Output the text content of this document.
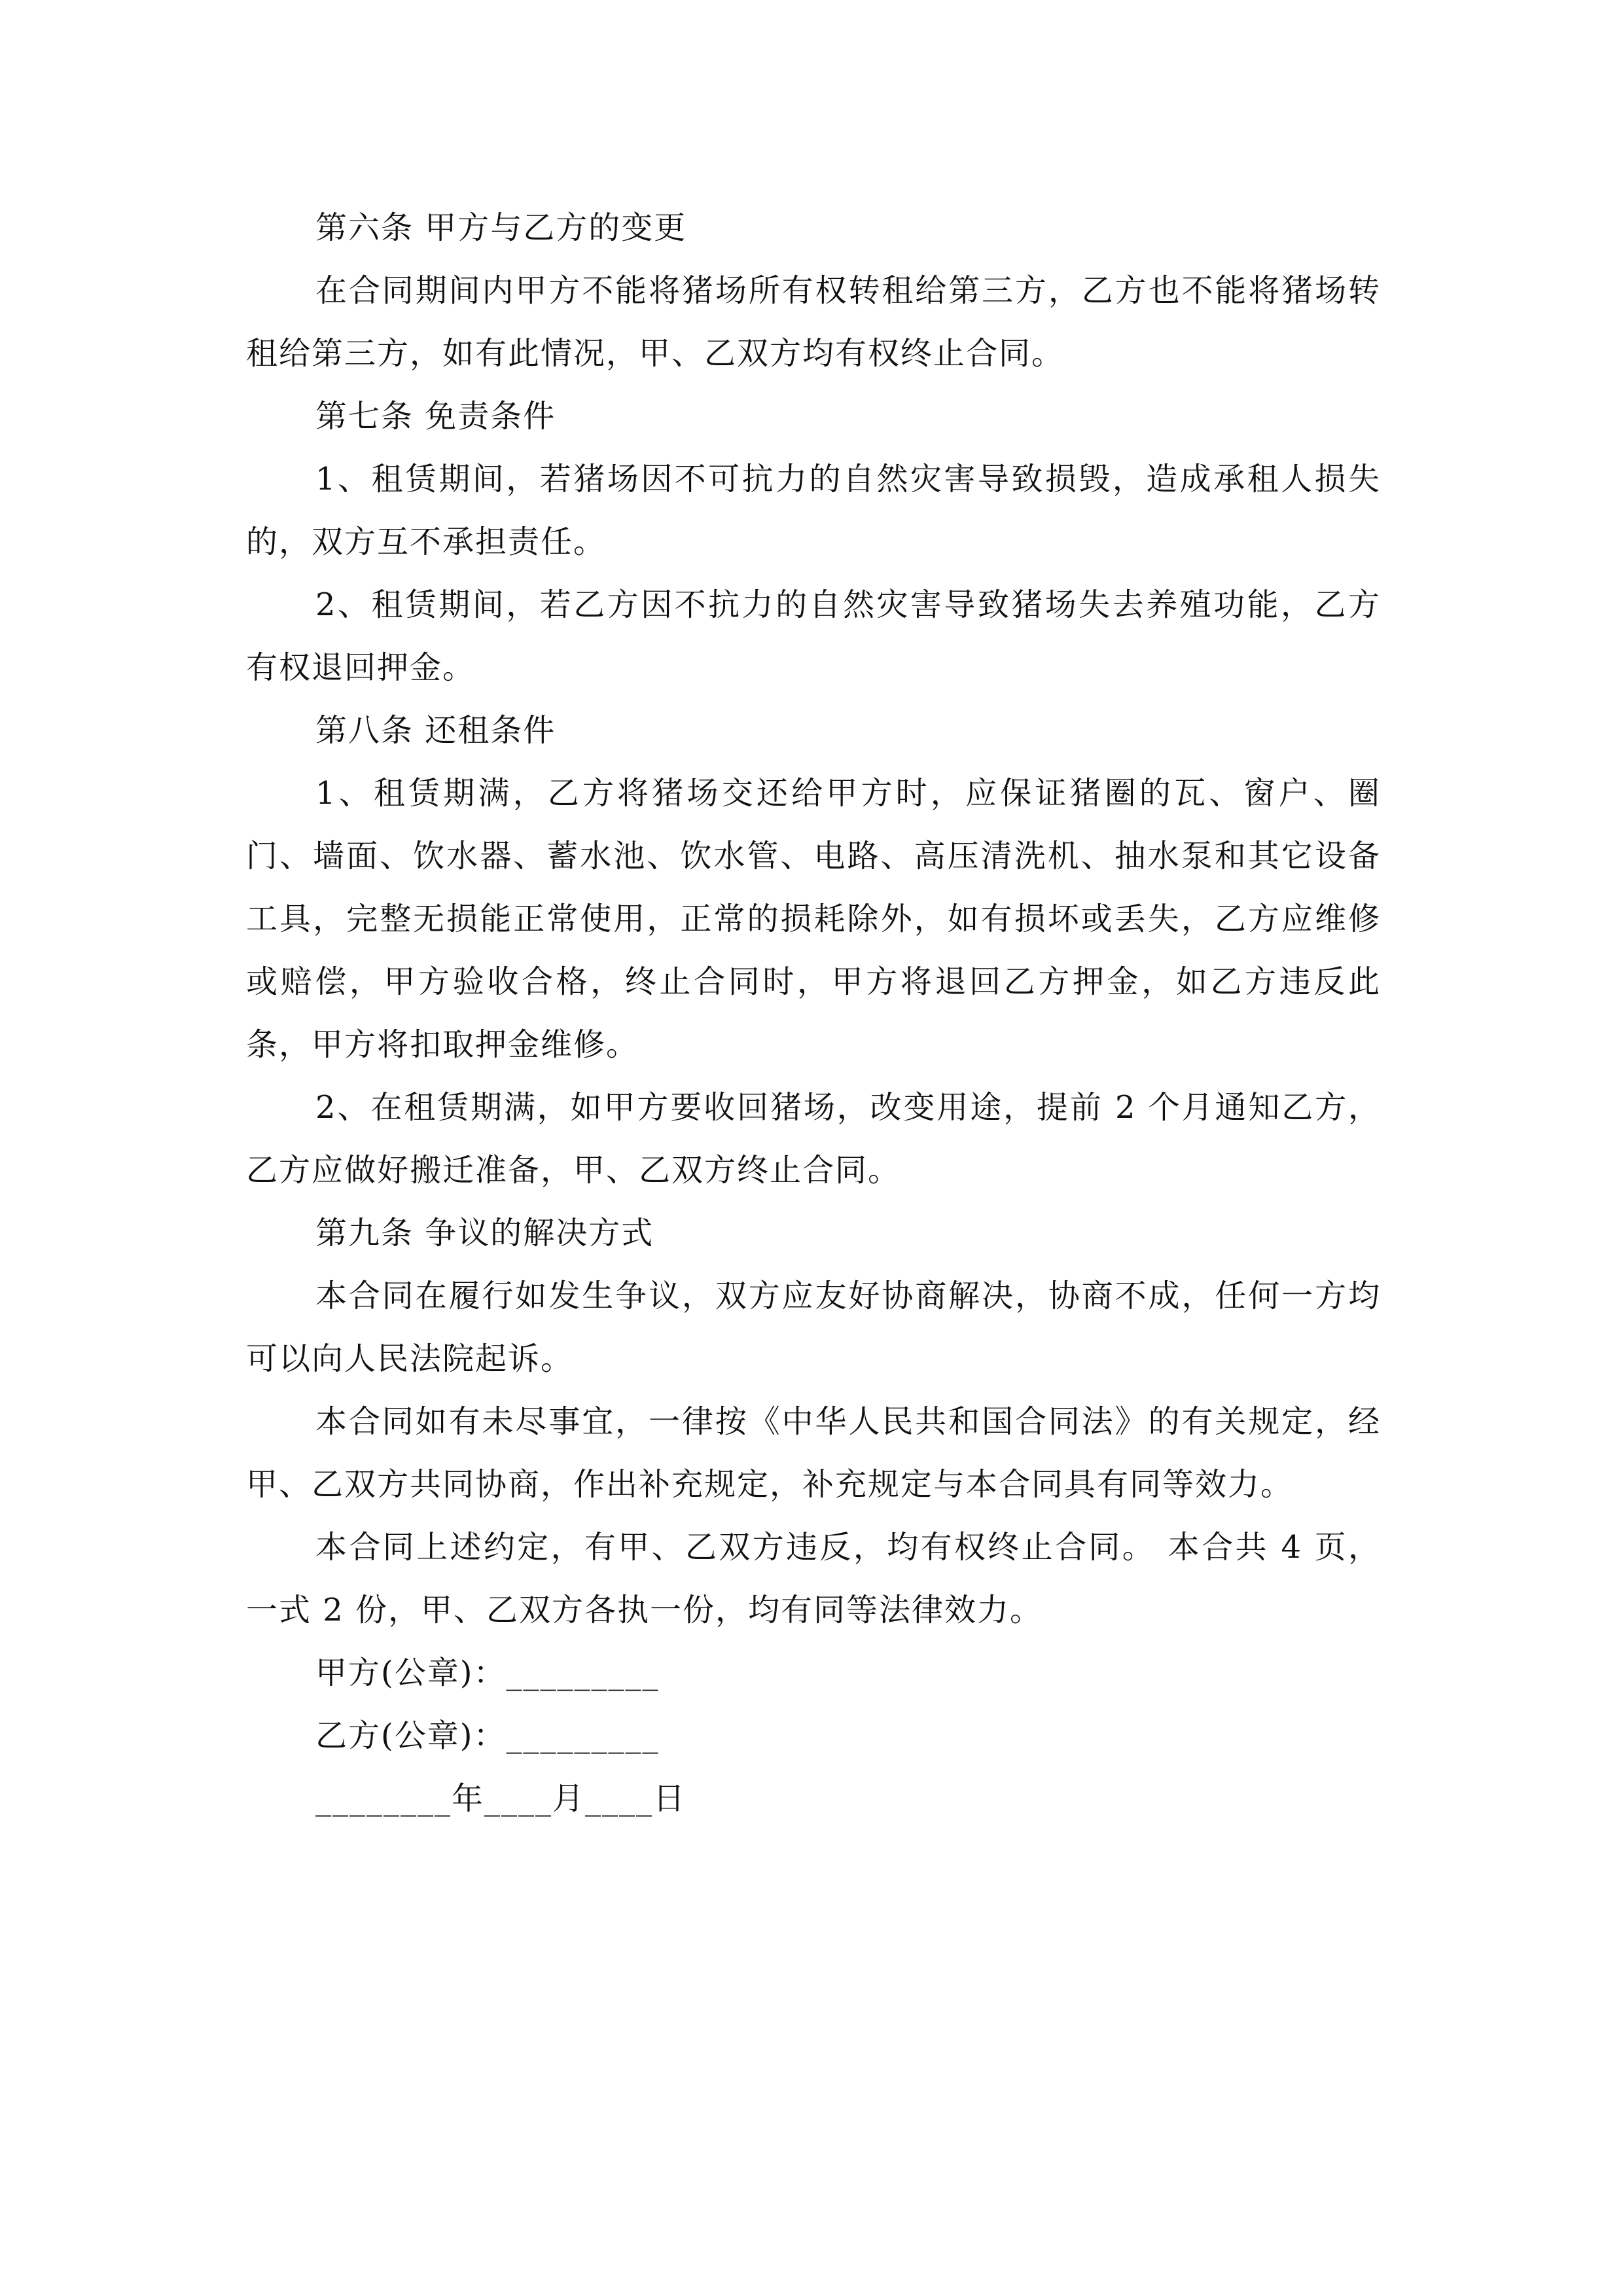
第六条 甲方与乙方的变更

在合同期间内甲方不能将猪场所有权转租给第三方，乙方也不能将猪场转租给第三方，如有此情况，甲、乙双方均有权终止合同。

第七条 免责条件

1、租赁期间，若猪场因不可抗力的自然灾害导致损毁，造成承租人损失的，双方互不承担责任。

2、租赁期间，若乙方因不抗力的自然灾害导致猪场失去养殖功能，乙方有权退回押金。

第八条 还租条件

1、租赁期满，乙方将猪场交还给甲方时，应保证猪圈的瓦、窗户、圈门、墙面、饮水器、蓄水池、饮水管、电路、高压清洗机、抽水泵和其它设备工具，完整无损能正常使用，正常的损耗除外，如有损坏或丢失，乙方应维修或赔偿，甲方验收合格，终止合同时，甲方将退回乙方押金，如乙方违反此条，甲方将扣取押金维修。

2、在租赁期满，如甲方要收回猪场，改变用途，提前 2 个月通知乙方，乙方应做好搬迁准备，甲、乙双方终止合同。

第九条 争议的解决方式

本合同在履行如发生争议，双方应友好协商解决，协商不成，任何一方均可以向人民法院起诉。

本合同如有未尽事宜，一律按《中华人民共和国合同法》的有关规定，经甲、乙双方共同协商，作出补充规定，补充规定与本合同具有同等效力。

本合同上述约定，有甲、乙双方违反，均有权终止合同。 本合共 4 页，一式 2 份，甲、乙双方各执一份，均有同等法律效力。

甲方(公章)：_________

乙方(公章)：_________

________年____月____日
